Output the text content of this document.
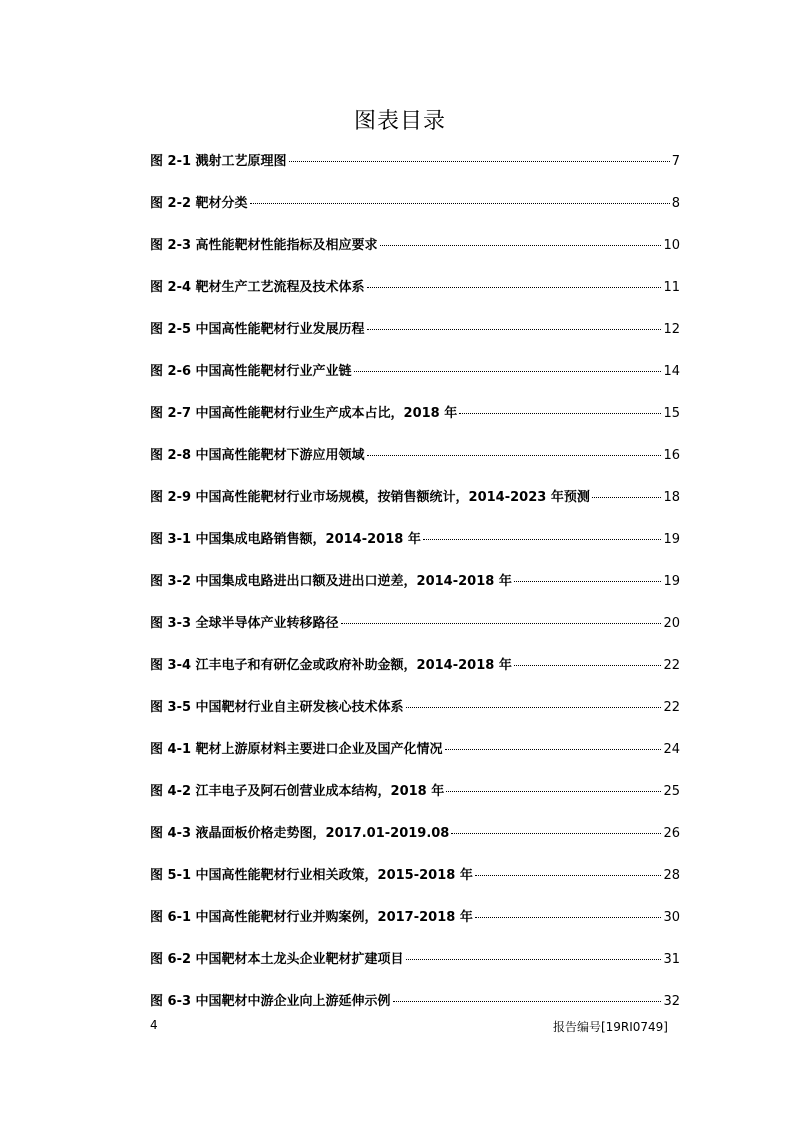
图表目录
图 2-1 溅射工艺原理图	7
图 2-2 靶材分类	8
图 2-3 高性能靶材性能指标及相应要求	10
图 2-4 靶材生产工艺流程及技术体系	11
图 2-5 中国高性能靶材行业发展历程	12
图 2-6 中国高性能靶材行业产业链	14
图 2-7 中国高性能靶材行业生产成本占比，2018 年	15
图 2-8 中国高性能靶材下游应用领域	16
图 2-9 中国高性能靶材行业市场规模，按销售额统计，2014-2023 年预测	18
图 3-1 中国集成电路销售额，2014-2018 年	19
图 3-2 中国集成电路进出口额及进出口逆差，2014-2018 年	19
图 3-3 全球半导体产业转移路径	20
图 3-4 江丰电子和有研亿金或政府补助金额，2014-2018 年	22
图 3-5 中国靶材行业自主研发核心技术体系	22
图 4-1 靶材上游原材料主要进口企业及国产化情况	24
图 4-2 江丰电子及阿石创营业成本结构，2018 年	25
图 4-3 液晶面板价格走势图，2017.01-2019.08	26
图 5-1 中国高性能靶材行业相关政策，2015-2018 年	28
图 6-1 中国高性能靶材行业并购案例，2017-2018 年	30
图 6-2 中国靶材本土龙头企业靶材扩建项目	31
图 6-3 中国靶材中游企业向上游延伸示例	32
4	报告编号[19RI0749]
